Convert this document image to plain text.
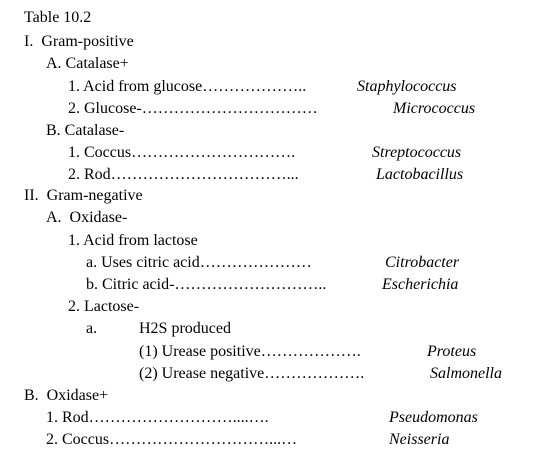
Table 10.2
I.  Gram-positive
A. Catalase+
1. Acid from glucose………………..	Staphylococcus
2. Glucose-……………………………	Micrococcus
B. Catalase-
1. Coccus………………………….	Streptococcus
2. Rod……………………………...	Lactobacillus
II.  Gram-negative
A.  Oxidase-
1. Acid from lactose
a. Uses citric acid…………………	Citrobacter
b. Citric acid-………………………..	Escherichia
2. Lactose-
a.	H2S produced
(1) Urease positive……………….	Proteus
(2) Urease negative……………….	Salmonella
B.  Oxidase+
1. Rod………………………....….	Pseudomonas
2. Coccus…………………………...…	Neisseria
